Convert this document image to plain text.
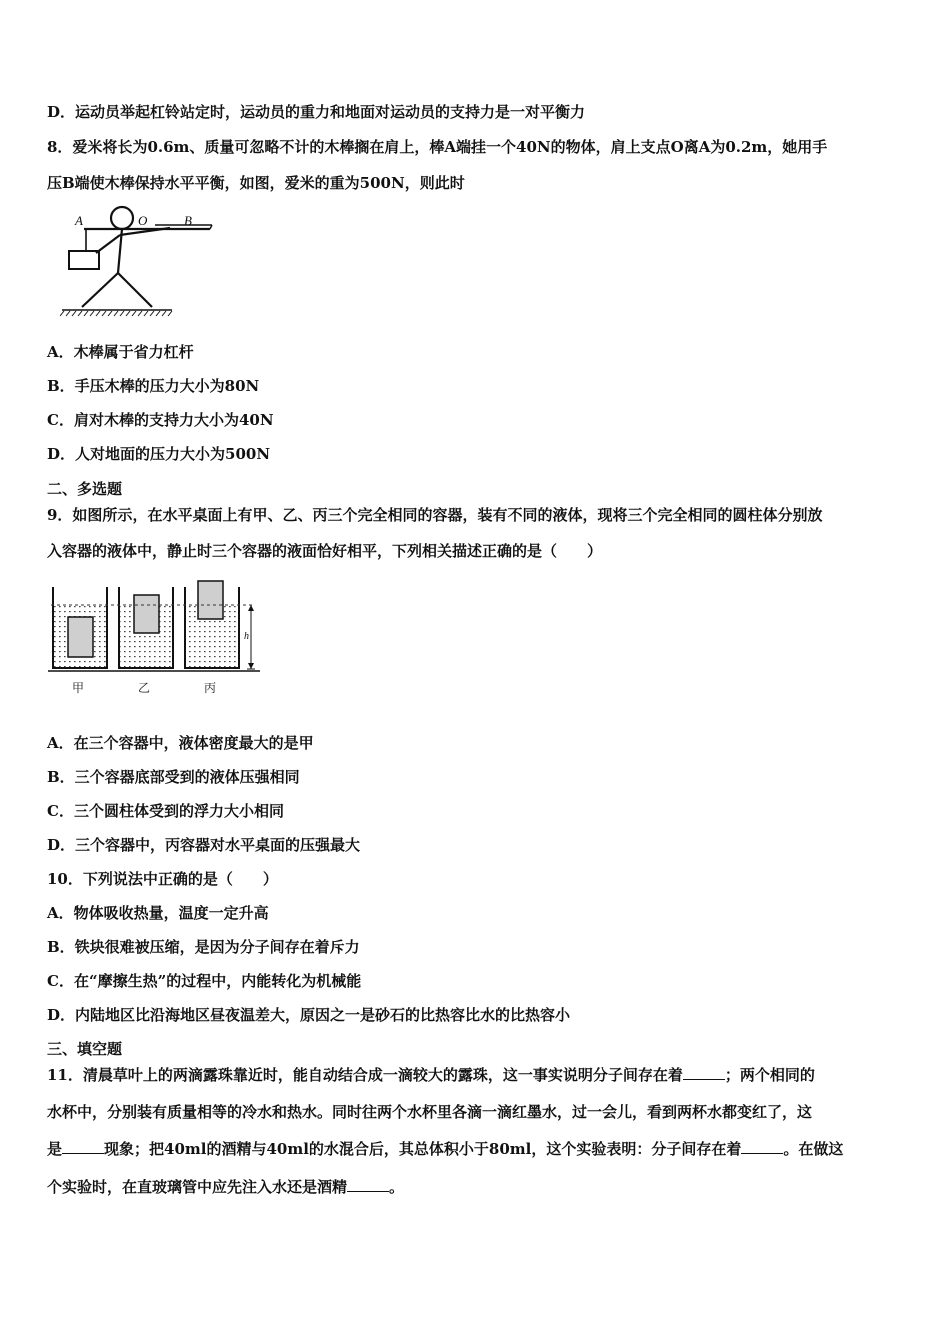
D．运动员举起杠铃站定时，运动员的重力和地面对运动员的支持力是一对平衡力
8．爱米将长为0.6m、质量可忽略不计的木棒搁在肩上，棒A端挂一个40N的物体，肩上支点O离A为0.2m，她用手
压B端使木棒保持水平平衡，如图，爱米的重为500N，则此时
A	O	B
A．木棒属于省力杠杆
B．手压木棒的压力大小为80N
C．肩对木棒的支持力大小为40N
D．人对地面的压力大小为500N
二、多选题
9．如图所示，在水平桌面上有甲、乙、丙三个完全相同的容器，装有不同的液体，现将三个完全相同的圆柱体分别放
入容器的液体中，静止时三个容器的液面恰好相平，下列相关描述正确的是（　　）
h
甲	乙	丙
A．在三个容器中，液体密度最大的是甲
B．三个容器底部受到的液体压强相同
C．三个圆柱体受到的浮力大小相同
D．三个容器中，丙容器对水平桌面的压强最大
10．下列说法中正确的是（　　）
A．物体吸收热量，温度一定升高
B．铁块很难被压缩，是因为分子间存在着斥力
C．在“摩擦生热”的过程中，内能转化为机械能
D．内陆地区比沿海地区昼夜温差大，原因之一是砂石的比热容比水的比热容小
三、填空题
11．清晨草叶上的两滴露珠靠近时，能自动结合成一滴较大的露珠，这一事实说明分子间存在着	；两个相同的
水杯中，分别装有质量相等的冷水和热水。同时往两个水杯里各滴一滴红墨水，过一会儿，看到两杯水都变红了，这
是	现象；把40ml的酒精与40ml的水混合后，其总体积小于80ml，这个实验表明：分子间存在着	。在做这
个实验时，在直玻璃管中应先注入水还是酒精	。
